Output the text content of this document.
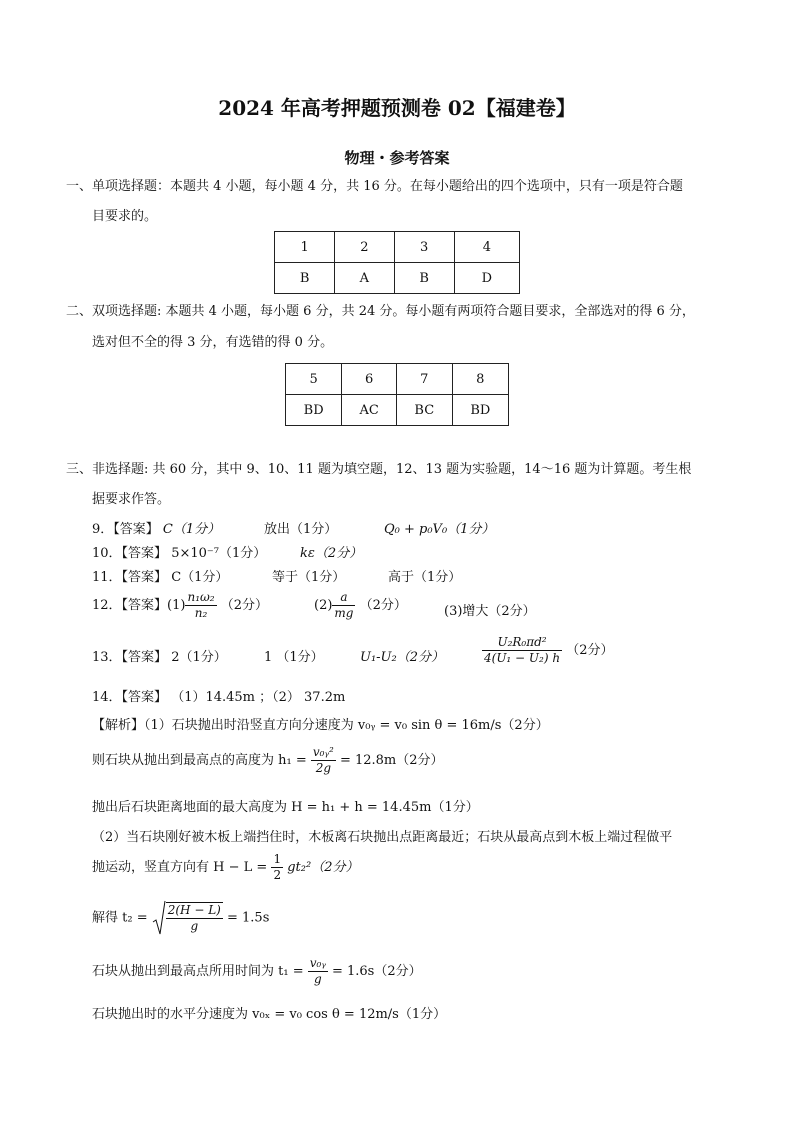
2024 年高考押题预测卷 02【福建卷】
物理・参考答案
一、单项选择题：本题共 4 小题，每小题 4 分，共 16 分。在每小题给出的四个选项中，只有一项是符合题
目要求的。
1	2	3	4
B	A	B	D
二、双项选择题: 本题共 4 小题，每小题 6 分，共 24 分。每小题有两项符合题目要求，全部选对的得 6 分，
选对但不全的得 3 分，有选错的得 0 分。
5	6	7	8
BD	AC	BC	BD
三、非选择题: 共 60 分，其中 9、10、11 题为填空题，12、13 题为实验题，14～16 题为计算题。考生根
据要求作答。
9．【答案】 C（1分）	放出（1分）	Q₀ + p₀V₀（1分）
10．【答案】 5×10⁻⁷（1分）	kε（2分）
11．【答案】 C（1分）	等于（1分）	高于（1分）
12．【答案】$(1) \frac{\text{n₁ω₂}}{\text{n₂}} (2$分）	$(2) \frac{a}{mg} (2$分）	(3)增大（2分）
13．【答案】 2（1分）	1 （1分）	U₁-U₂（2分）	$\frac{\text{U₂R₀πd²}}{\text{4(U₁ − U₂) h}} (2$分）
14．【答案】 （1）14.45m ；（2） 37.2m
【解析】（1）石块抛出时沿竖直方向分速度为 v₀ᵧ = v₀ sin θ = 16m/s（2分）
则石块从抛出到最高点的高度为 $h_1 = \frac{\text{v₀ᵧ²}}{2g} = 12.8m(2$分）
抛出后石块距离地面的最大高度为 H = h₁ + h = 14.45m（1分）
（2）当石块刚好被木板上端挡住时，木板离石块抛出点距离最近；石块从最高点到木板上端过程做平
抛运动，竖直方向有 $H - L = \frac{1}{2} gt_2^2(2$分）
解得 $t_2 = \frac{2(H - L)}{g} = 1.5s$
石块从抛出到最高点所用时间为 $t_1 = \frac{\text{v₀ᵧ}}{g} = 1.6s(2$分）
石块抛出时的水平分速度为 v₀ₓ = v₀ cos θ = 12m/s（1分）
